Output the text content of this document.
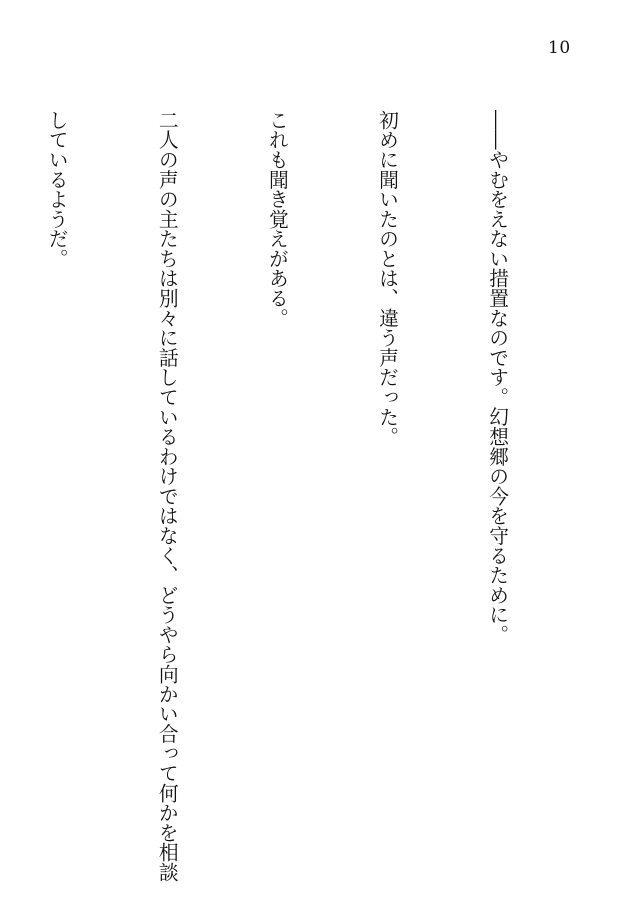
10

――やむをえない措置なのです。幻想郷の今を守るために。

初めに聞いたのとは、違う声だった。

これも聞き覚えがある。

二人の声の主たちは別々に話しているわけではなく、どうやら向かい合って何かを相談

しているようだ。
